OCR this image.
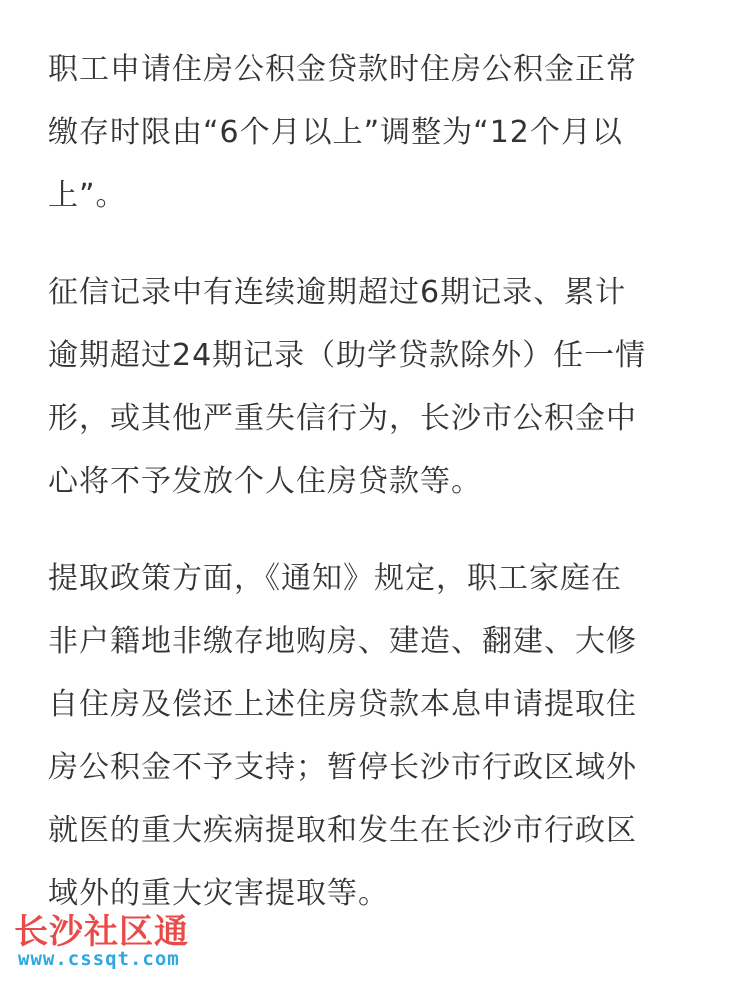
职工申请住房公积金贷款时住房公积金正常
缴存时限由“6个月以上”调整为“12个月以
上”。

征信记录中有连续逾期超过6期记录、累计
逾期超过24期记录（助学贷款除外）任一情
形，或其他严重失信行为，长沙市公积金中
心将不予发放个人住房贷款等。

提取政策方面，《通知》规定，职工家庭在
非户籍地非缴存地购房、建造、翻建、大修
自住房及偿还上述住房贷款本息申请提取住
房公积金不予支持；暂停长沙市行政区域外
就医的重大疾病提取和发生在长沙市行政区
域外的重大灾害提取等。

长沙社区通
www.cssqt.com
